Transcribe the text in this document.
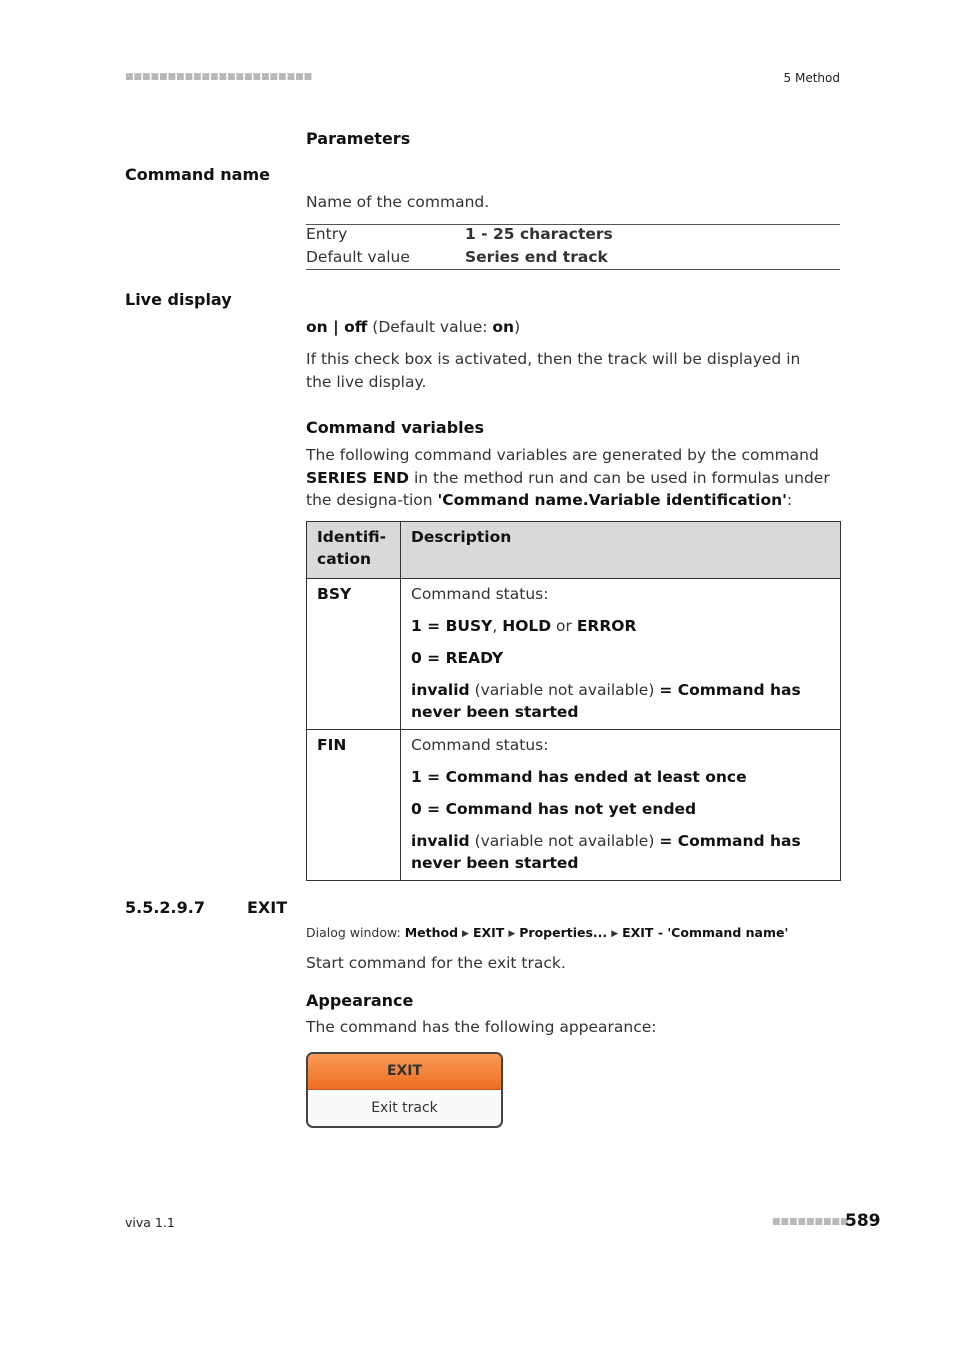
■■■■■■■■■■■■■■■■■■■■■■	5 Method
Parameters
Command name
Name of the command.
Entry	1 - 25 characters
Default value	Series end track
Live display
on | off (Default value: on)
If this check box is activated, then the track will be displayed in the live display.
Command variables
The following command variables are generated by the command SERIES END in the method run and can be used in formulas under the designa-tion 'Command name.Variable identification':
Identifi-cation	Description

BSY	Command status:
1 = BUSY, HOLD or ERROR
0 = READY
invalid (variable not available) = Command has never been started

FIN	Command status:
1 = Command has ended at least once
0 = Command has not yet ended
invalid (variable not available) = Command has never been started
5.5.2.9.7	EXIT
Dialog window: Method ▶ EXIT ▶ Properties... ▶ EXIT - 'Command name'
Start command for the exit track.
Appearance
The command has the following appearance:
EXIT
Exit track
viva 1.1	■■■■■■■■■
589
